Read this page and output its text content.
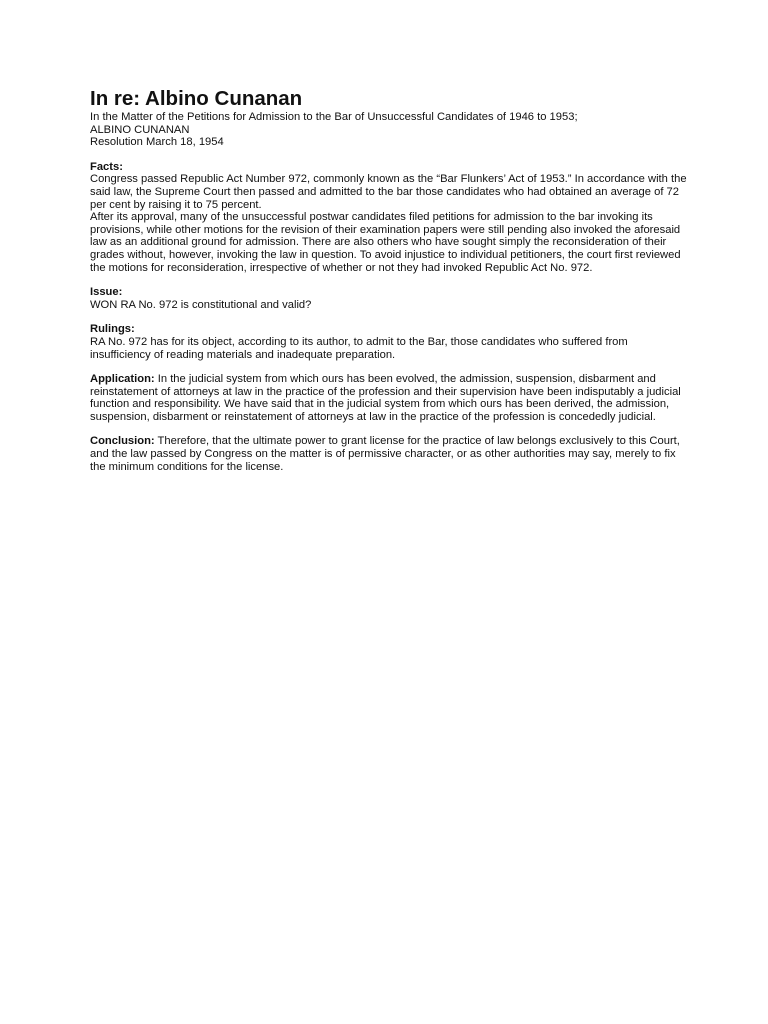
In re: Albino Cunanan
In the Matter of the Petitions for Admission to the Bar of Unsuccessful Candidates of 1946 to 1953;
ALBINO CUNANAN
Resolution March 18, 1954
Facts:

Congress passed Republic Act Number 972, commonly known as the “Bar Flunkers’ Act of 1953.” In accordance with the said law, the Supreme Court then passed and admitted to the bar those candidates who had obtained an average of 72 per cent by raising it to 75 percent.

After its approval, many of the unsuccessful postwar candidates filed petitions for admission to the bar invoking its provisions, while other motions for the revision of their examination papers were still pending also invoked the aforesaid law as an additional ground for admission. There are also others who have sought simply the reconsideration of their grades without, however, invoking the law in question. To avoid injustice to individual petitioners, the court first reviewed the motions for reconsideration, irrespective of whether or not they had invoked Republic Act No. 972.

Issue:

WON RA No. 972 is constitutional and valid?

Rulings:

RA No. 972 has for its object, according to its author, to admit to the Bar, those candidates who suffered from insufficiency of reading materials and inadequate preparation.

Application: In the judicial system from which ours has been evolved, the admission, suspension, disbarment and reinstatement of attorneys at law in the practice of the profession and their supervision have been indisputably a judicial function and responsibility. We have said that in the judicial system from which ours has been derived, the admission, suspension, disbarment or reinstatement of attorneys at law in the practice of the profession is concededly judicial.

Conclusion: Therefore, that the ultimate power to grant license for the practice of law belongs exclusively to this Court, and the law passed by Congress on the matter is of permissive character, or as other authorities may say, merely to fix the minimum conditions for the license.
